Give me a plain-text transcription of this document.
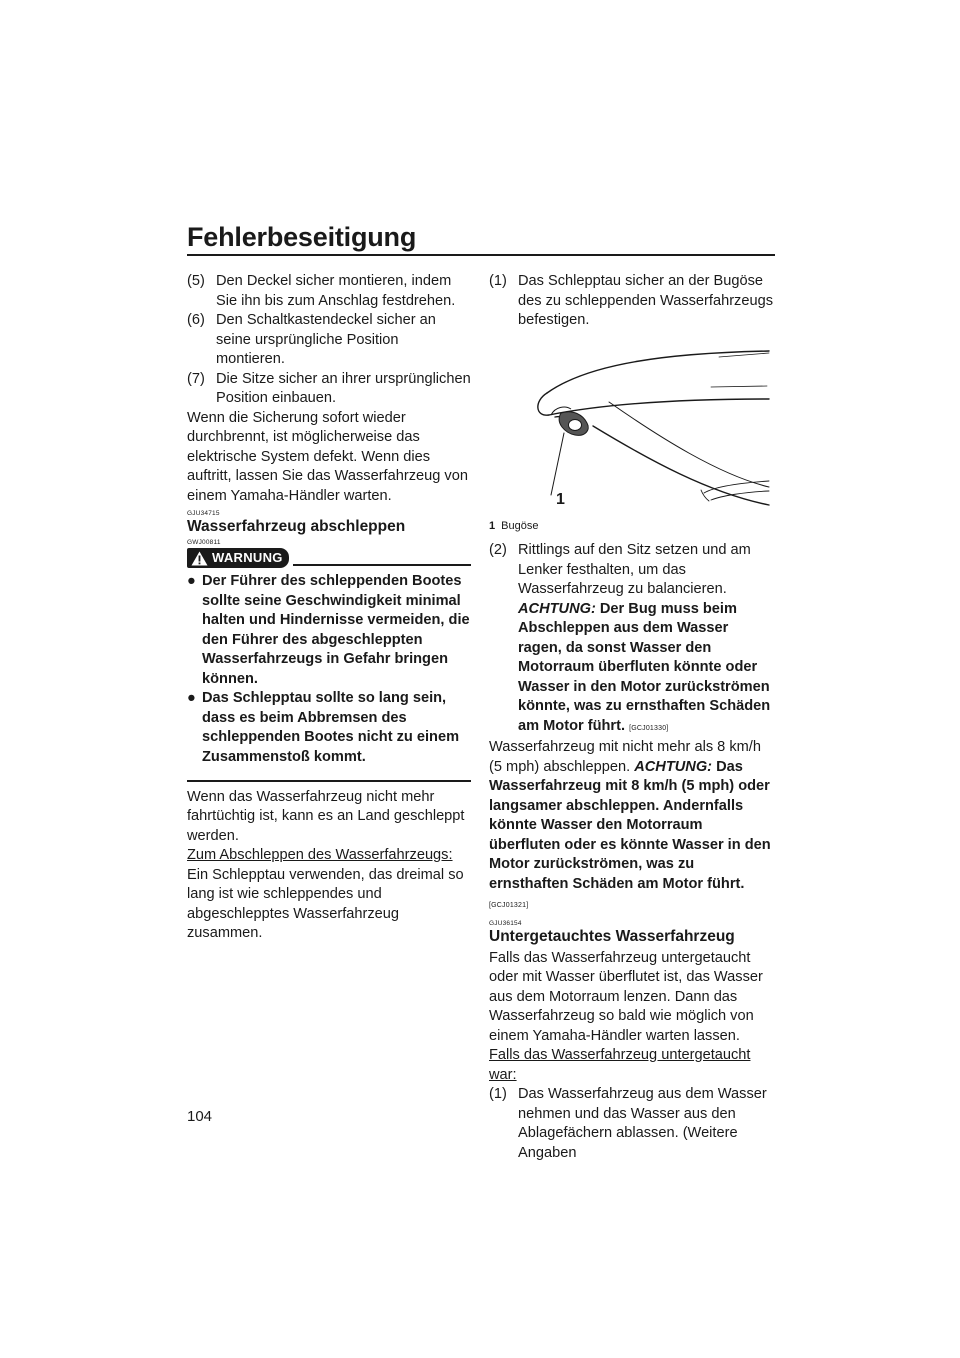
Fehlerbeseitigung
(5) Den Deckel sicher montieren, indem Sie ihn bis zum Anschlag festdrehen.
(6) Den Schaltkastendeckel sicher an seine ursprüngliche Position montieren.
(7) Die Sitze sicher an ihrer ursprünglichen Position einbauen.

Wenn die Sicherung sofort wieder durchbrennt, ist möglicherweise das elektrische System defekt. Wenn dies auftritt, lassen Sie das Wasserfahrzeug von einem Yamaha-Händler warten.

GJU34715
Wasserfahrzeug abschleppen
GWJ00811
WARNUNG
● Der Führer des schleppenden Bootes sollte seine Geschwindigkeit minimal halten und Hindernisse vermeiden, die den Führer des abgeschleppten Wasserfahrzeugs in Gefahr bringen können.
● Das Schlepptau sollte so lang sein, dass es beim Abbremsen des schleppenden Bootes nicht zu einem Zusammenstoß kommt.

Wenn das Wasserfahrzeug nicht mehr fahrtüchtig ist, kann es an Land geschleppt werden.

Zum Abschleppen des Wasserfahrzeugs:

Ein Schlepptau verwenden, das dreimal so lang ist wie schleppendes und abgeschlepptes Wasserfahrzeug zusammen.

(1) Das Schlepptau sicher an der Bugöse des zu schleppenden Wasserfahrzeugs befestigen.
1

1 Bugöse

(2) Rittlings auf den Sitz setzen und am Lenker festhalten, um das Wasserfahrzeug zu balancieren. ACHTUNG: Der Bug muss beim Abschleppen aus dem Wasser ragen, da sonst Wasser den Motorraum überfluten könnte oder Wasser in den Motor zurückströmen könnte, was zu ernsthaften Schäden am Motor führt. [GCJ01330]

Wasserfahrzeug mit nicht mehr als 8 km/h (5 mph) abschleppen. ACHTUNG: Das Wasserfahrzeug mit 8 km/h (5 mph) oder langsamer abschleppen. Andernfalls könnte Wasser den Motorraum überfluten oder es könnte Wasser in den Motor zurückströmen, was zu ernsthaften Schäden am Motor führt. [GCJ01321]

GJU36154
Untergetauchtes Wasserfahrzeug

Falls das Wasserfahrzeug untergetaucht oder mit Wasser überflutet ist, das Wasser aus dem Motorraum lenzen. Dann das Wasserfahrzeug so bald wie möglich von einem Yamaha-Händler warten lassen.

Falls das Wasserfahrzeug untergetaucht war:

(1) Das Wasserfahrzeug aus dem Wasser nehmen und das Wasser aus den Ablagefächern ablassen. (Weitere Angaben
104
